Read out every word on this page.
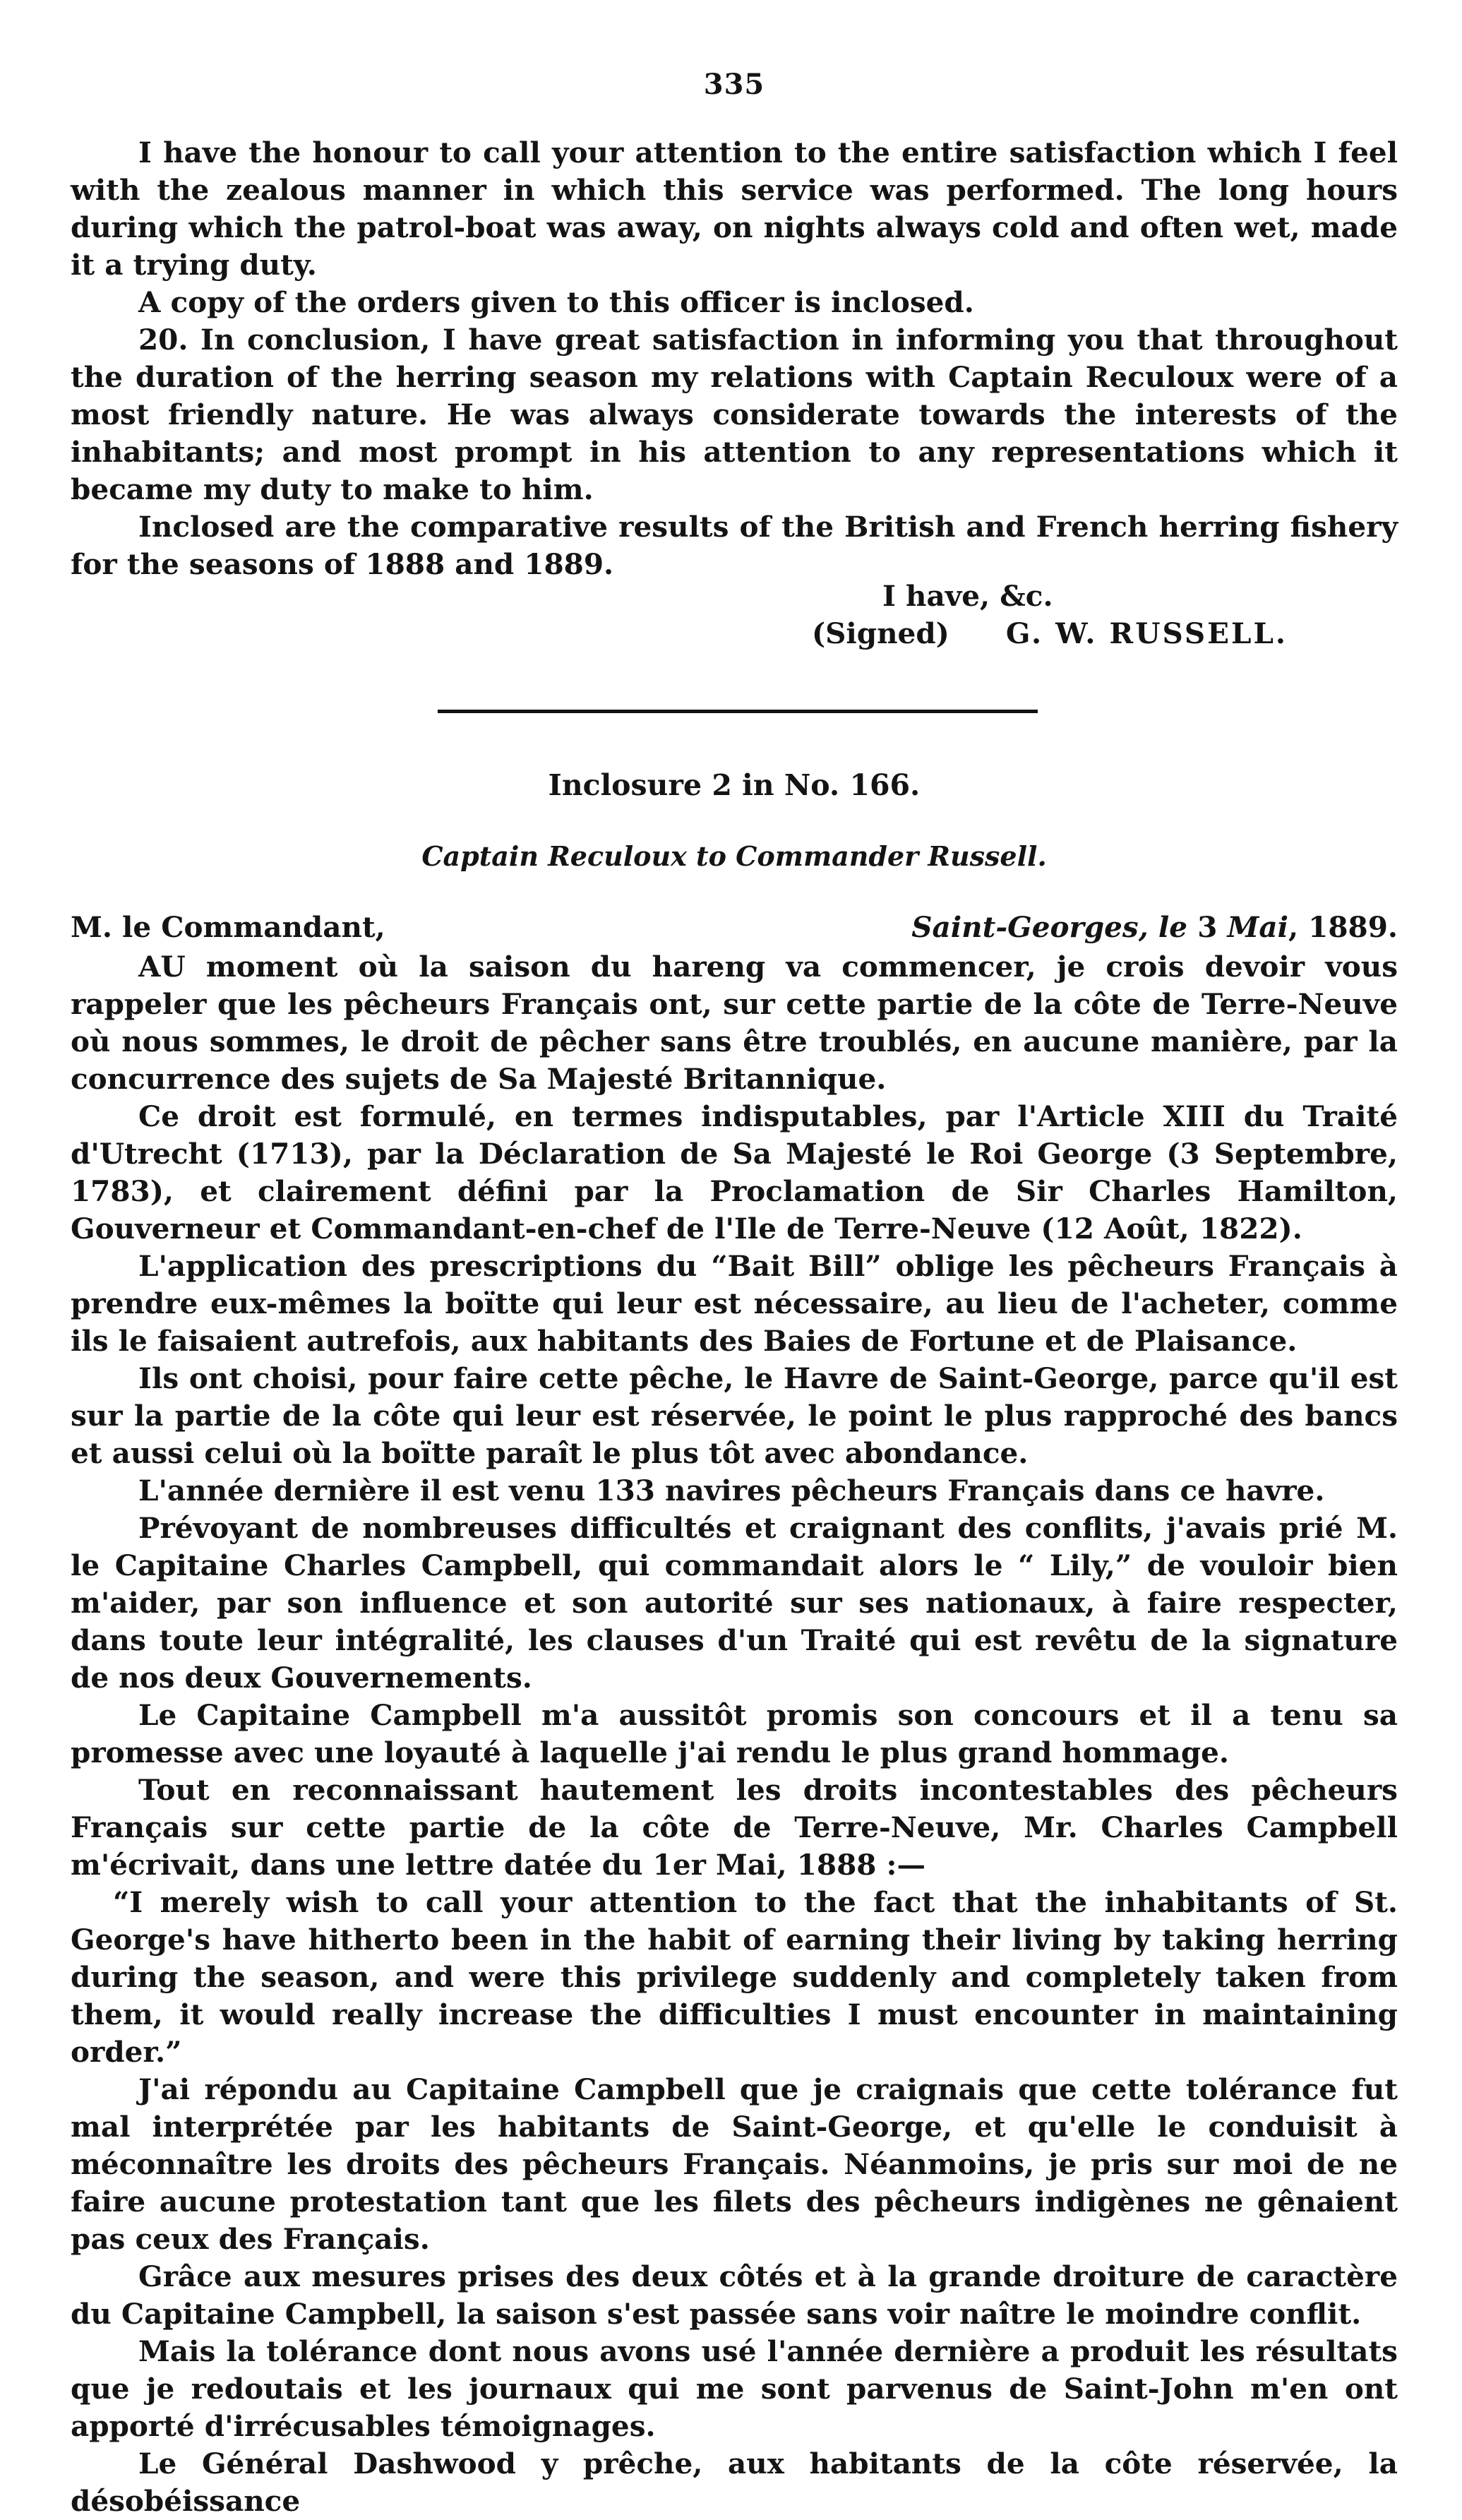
335

I have the honour to call your attention to the entire satisfaction which I feel with the zealous manner in which this service was performed. The long hours during which the patrol-boat was away, on nights always cold and often wet, made it a trying duty.

A copy of the orders given to this officer is inclosed.

20. In conclusion, I have great satisfaction in informing you that throughout the duration of the herring season my relations with Captain Reculoux were of a most friendly nature. He was always considerate towards the interests of the inhabitants; and most prompt in his attention to any representations which it became my duty to make to him.

Inclosed are the comparative results of the British and French herring fishery for the seasons of 1888 and 1889.

I have, &c.
(Signed) G. W. RUSSELL.
Inclosure 2 in No. 166.
Captain Reculoux to Commander Russell.
M. le Commandant,	Saint-Georges, le 3 Mai, 1889.

AU moment où la saison du hareng va commencer, je crois devoir vous rappeler que les pêcheurs Français ont, sur cette partie de la côte de Terre-Neuve où nous sommes, le droit de pêcher sans être troublés, en aucune manière, par la concurrence des sujets de Sa Majesté Britannique.

Ce droit est formulé, en termes indisputables, par l'Article XIII du Traité d'Utrecht (1713), par la Déclaration de Sa Majesté le Roi George (3 Septembre, 1783), et clairement défini par la Proclamation de Sir Charles Hamilton, Gouverneur et Commandant-en-chef de l'Ile de Terre-Neuve (12 Août, 1822).

L'application des prescriptions du “Bait Bill” oblige les pêcheurs Français à prendre eux-mêmes la boïtte qui leur est nécessaire, au lieu de l'acheter, comme ils le faisaient autrefois, aux habitants des Baies de Fortune et de Plaisance.

Ils ont choisi, pour faire cette pêche, le Havre de Saint-George, parce qu'il est sur la partie de la côte qui leur est réservée, le point le plus rapproché des bancs et aussi celui où la boïtte paraît le plus tôt avec abondance.

L'année dernière il est venu 133 navires pêcheurs Français dans ce havre.

Prévoyant de nombreuses difficultés et craignant des conflits, j'avais prié M. le Capitaine Charles Campbell, qui commandait alors le “ Lily,” de vouloir bien m'aider, par son influence et son autorité sur ses nationaux, à faire respecter, dans toute leur intégralité, les clauses d'un Traité qui est revêtu de la signature de nos deux Gouvernements.

Le Capitaine Campbell m'a aussitôt promis son concours et il a tenu sa promesse avec une loyauté à laquelle j'ai rendu le plus grand hommage.

Tout en reconnaissant hautement les droits incontestables des pêcheurs Français sur cette partie de la côte de Terre-Neuve, Mr. Charles Campbell m'écrivait, dans une lettre datée du 1er Mai, 1888 :—

“I merely wish to call your attention to the fact that the inhabitants of St. George's have hitherto been in the habit of earning their living by taking herring during the season, and were this privilege suddenly and completely taken from them, it would really increase the difficulties I must encounter in maintaining order.”

J'ai répondu au Capitaine Campbell que je craignais que cette tolérance fut mal interprétée par les habitants de Saint-George, et qu'elle le conduisit à méconnaître les droits des pêcheurs Français. Néanmoins, je pris sur moi de ne faire aucune protestation tant que les filets des pêcheurs indigènes ne gênaient pas ceux des Français.

Grâce aux mesures prises des deux côtés et à la grande droiture de caractère du Capitaine Campbell, la saison s'est passée sans voir naître le moindre conflit.

Mais la tolérance dont nous avons usé l'année dernière a produit les résultats que je redoutais et les journaux qui me sont parvenus de Saint-John m'en ont apporté d'irrécusables témoignages.

Le Général Dashwood y prêche, aux habitants de la côte réservée, la désobéissance
